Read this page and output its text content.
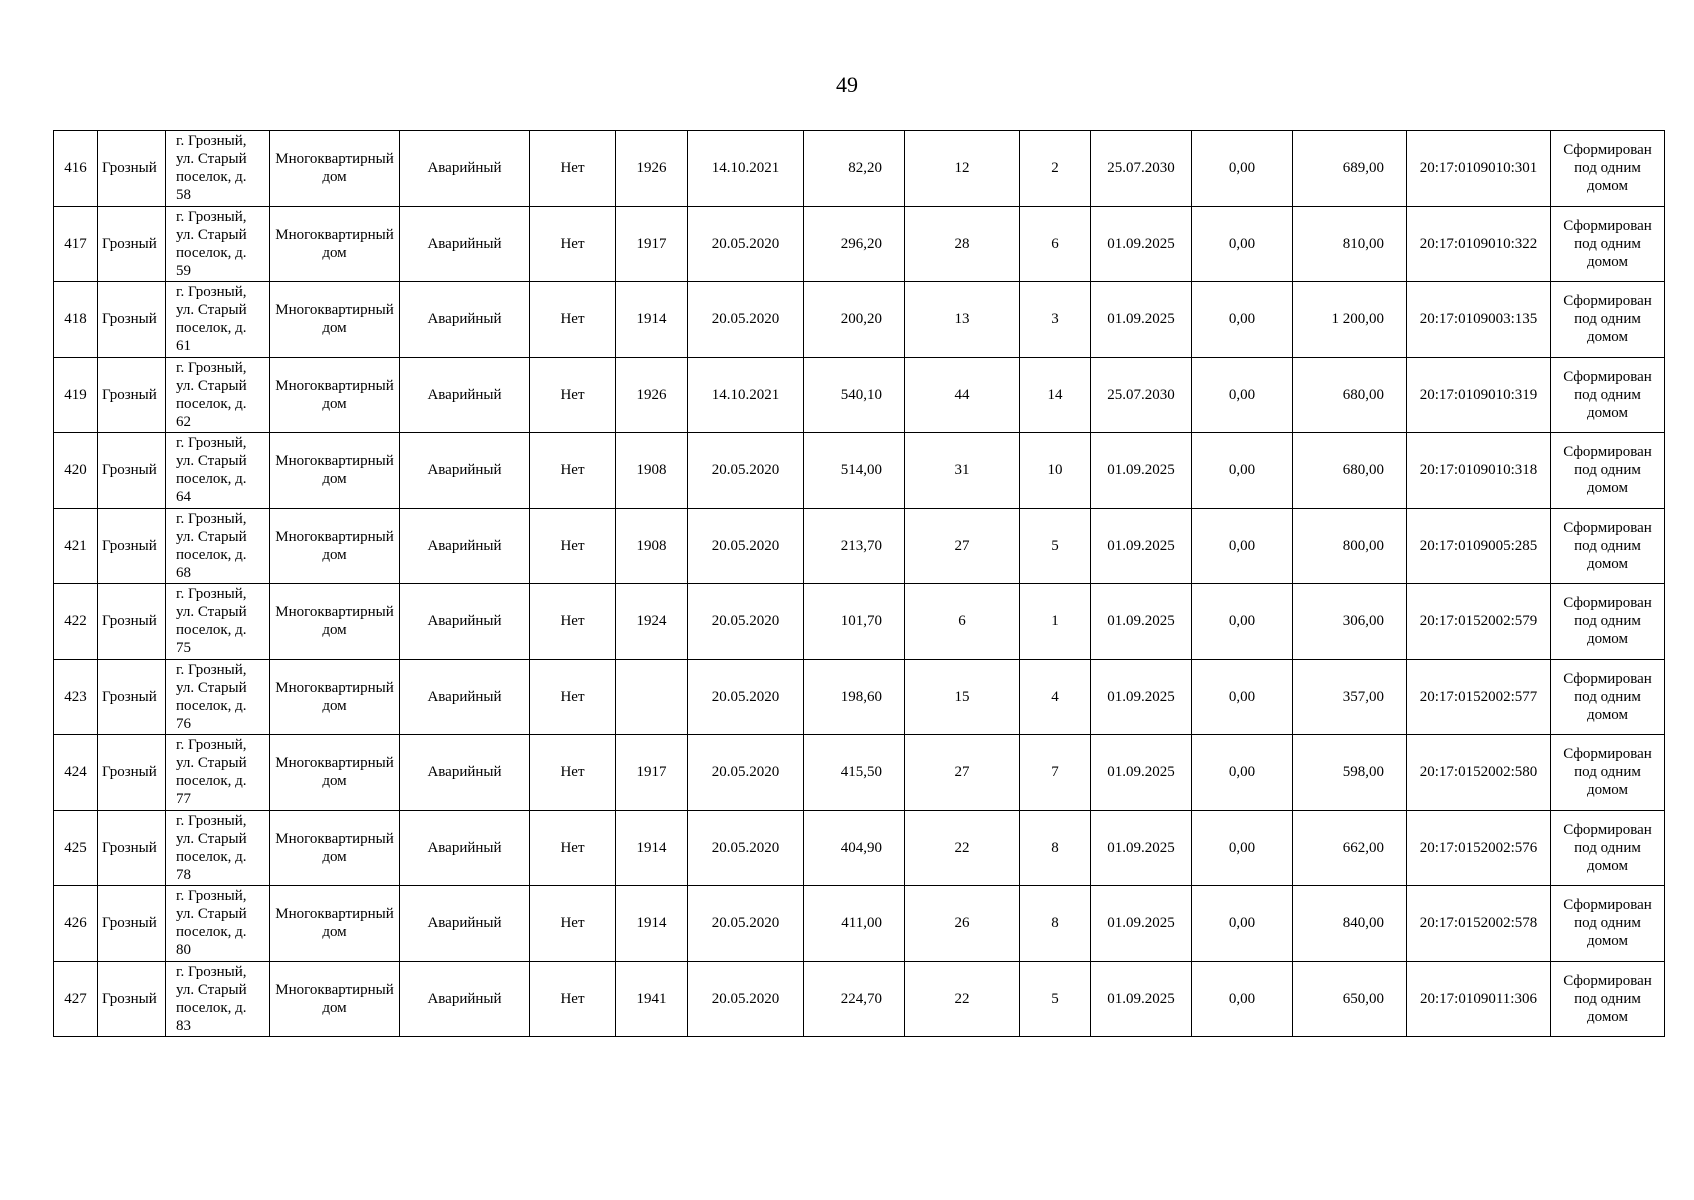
49
416	Грозный	г. Грозный, ул. Старый поселок, д. 58	Многоквартирный дом	Аварийный	Нет	1926	14.10.2021	82,20	12	2	25.07.2030	0,00	689,00	20:17:0109010:301	Сформирован под одним домом
417	Грозный	г. Грозный, ул. Старый поселок, д. 59	Многоквартирный дом	Аварийный	Нет	1917	20.05.2020	296,20	28	6	01.09.2025	0,00	810,00	20:17:0109010:322	Сформирован под одним домом
418	Грозный	г. Грозный, ул. Старый поселок, д. 61	Многоквартирный дом	Аварийный	Нет	1914	20.05.2020	200,20	13	3	01.09.2025	0,00	1 200,00	20:17:0109003:135	Сформирован под одним домом
419	Грозный	г. Грозный, ул. Старый поселок, д. 62	Многоквартирный дом	Аварийный	Нет	1926	14.10.2021	540,10	44	14	25.07.2030	0,00	680,00	20:17:0109010:319	Сформирован под одним домом
420	Грозный	г. Грозный, ул. Старый поселок, д. 64	Многоквартирный дом	Аварийный	Нет	1908	20.05.2020	514,00	31	10	01.09.2025	0,00	680,00	20:17:0109010:318	Сформирован под одним домом
421	Грозный	г. Грозный, ул. Старый поселок, д. 68	Многоквартирный дом	Аварийный	Нет	1908	20.05.2020	213,70	27	5	01.09.2025	0,00	800,00	20:17:0109005:285	Сформирован под одним домом
422	Грозный	г. Грозный, ул. Старый поселок, д. 75	Многоквартирный дом	Аварийный	Нет	1924	20.05.2020	101,70	6	1	01.09.2025	0,00	306,00	20:17:0152002:579	Сформирован под одним домом
423	Грозный	г. Грозный, ул. Старый поселок, д. 76	Многоквартирный дом	Аварийный	Нет		20.05.2020	198,60	15	4	01.09.2025	0,00	357,00	20:17:0152002:577	Сформирован под одним домом
424	Грозный	г. Грозный, ул. Старый поселок, д. 77	Многоквартирный дом	Аварийный	Нет	1917	20.05.2020	415,50	27	7	01.09.2025	0,00	598,00	20:17:0152002:580	Сформирован под одним домом
425	Грозный	г. Грозный, ул. Старый поселок, д. 78	Многоквартирный дом	Аварийный	Нет	1914	20.05.2020	404,90	22	8	01.09.2025	0,00	662,00	20:17:0152002:576	Сформирован под одним домом
426	Грозный	г. Грозный, ул. Старый поселок, д. 80	Многоквартирный дом	Аварийный	Нет	1914	20.05.2020	411,00	26	8	01.09.2025	0,00	840,00	20:17:0152002:578	Сформирован под одним домом
427	Грозный	г. Грозный, ул. Старый поселок, д. 83	Многоквартирный дом	Аварийный	Нет	1941	20.05.2020	224,70	22	5	01.09.2025	0,00	650,00	20:17:0109011:306	Сформирован под одним домом
